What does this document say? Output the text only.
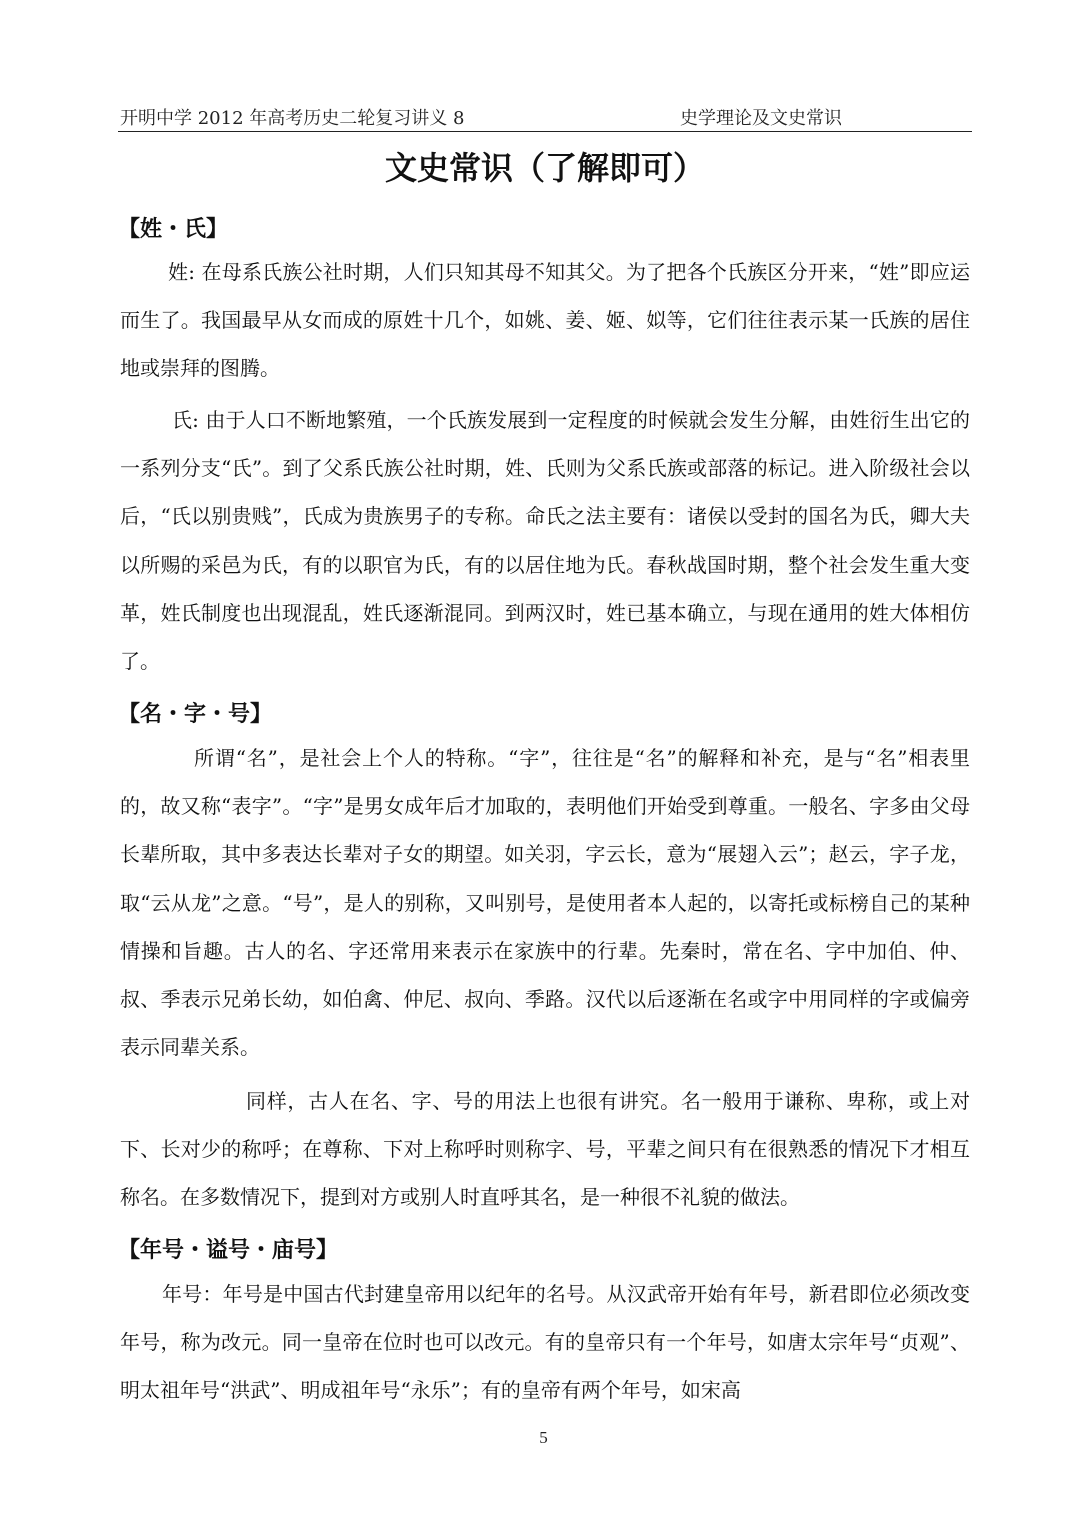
开明中学 2012 年高考历史二轮复习讲义 8	史学理论及文史常识
文史常识（了解即可）
【姓・氏】

姓: 在母系氏族公社时期，人们只知其母不知其父。为了把各个氏族区分开来，“姓”即应运而生了。我国最早从女而成的原姓十几个，如姚、姜、姬、姒等，它们往往表示某一氏族的居住地或崇拜的图腾。

氏: 由于人口不断地繁殖，一个氏族发展到一定程度的时候就会发生分解，由姓衍生出它的一系列分支“氏”。到了父系氏族公社时期，姓、氏则为父系氏族或部落的标记。进入阶级社会以后，“氏以别贵贱”，氏成为贵族男子的专称。命氏之法主要有：诸侯以受封的国名为氏，卿大夫以所赐的采邑为氏，有的以职官为氏，有的以居住地为氏。春秋战国时期，整个社会发生重大变革，姓氏制度也出现混乱，姓氏逐渐混同。到两汉时，姓已基本确立，与现在通用的姓大体相仿了。

【名・字・号】

所谓“名”，是社会上个人的特称。“字”，往往是“名”的解释和补充，是与“名”相表里的，故又称“表字”。“字”是男女成年后才加取的，表明他们开始受到尊重。一般名、字多由父母长辈所取，其中多表达长辈对子女的期望。如关羽，字云长，意为“展翅入云”；赵云，字子龙，取“云从龙”之意。“号”，是人的别称，又叫别号，是使用者本人起的，以寄托或标榜自己的某种情操和旨趣。古人的名、字还常用来表示在家族中的行辈。先秦时，常在名、字中加伯、仲、叔、季表示兄弟长幼，如伯禽、仲尼、叔向、季路。汉代以后逐渐在名或字中用同样的字或偏旁表示同辈关系。

同样，古人在名、字、号的用法上也很有讲究。名一般用于谦称、卑称，或上对下、长对少的称呼；在尊称、下对上称呼时则称字、号，平辈之间只有在很熟悉的情况下才相互称名。在多数情况下，提到对方或别人时直呼其名，是一种很不礼貌的做法。

【年号・谥号・庙号】

年号：年号是中国古代封建皇帝用以纪年的名号。从汉武帝开始有年号，新君即位必须改变年号，称为改元。同一皇帝在位时也可以改元。有的皇帝只有一个年号，如唐太宗年号“贞观”、明太祖年号“洪武”、明成祖年号“永乐”；有的皇帝有两个年号，如宋高

5
